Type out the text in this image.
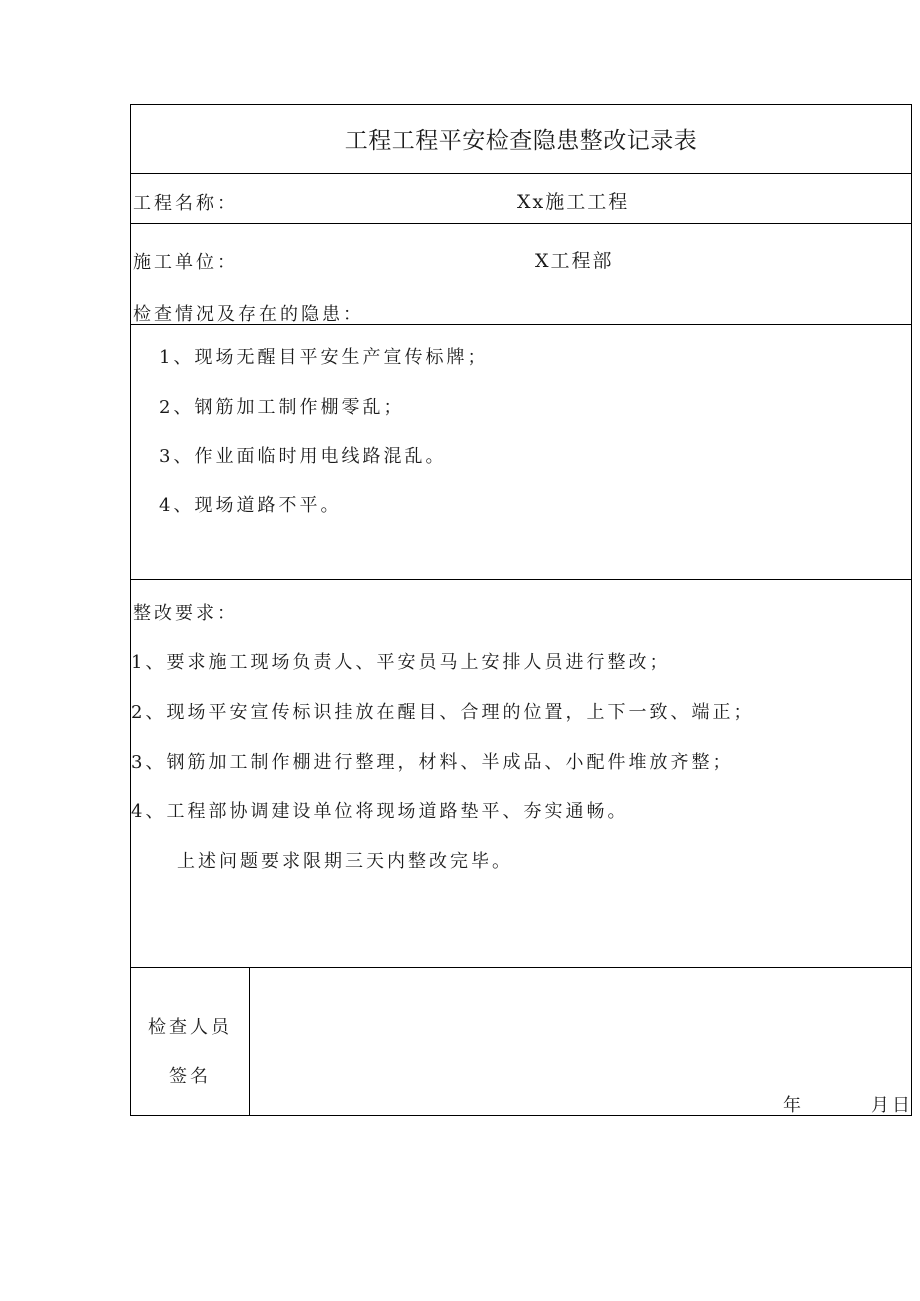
工程工程平安检查隐患整改记录表
工程名称：	Xx施工工程
施工单位：	X工程部
检查情况及存在的隐患：
1、现场无醒目平安生产宣传标牌；
2、钢筋加工制作棚零乱；
3、作业面临时用电线路混乱。
4、现场道路不平。
整改要求：
1、要求施工现场负责人、平安员马上安排人员进行整改；
2、现场平安宣传标识挂放在醒目、合理的位置，上下一致、端正；
3、钢筋加工制作棚进行整理，材料、半成品、小配件堆放齐整；
4、工程部协调建设单位将现场道路垫平、夯实通畅。
上述问题要求限期三天内整改完毕。
检查人员
签名
年	月日
